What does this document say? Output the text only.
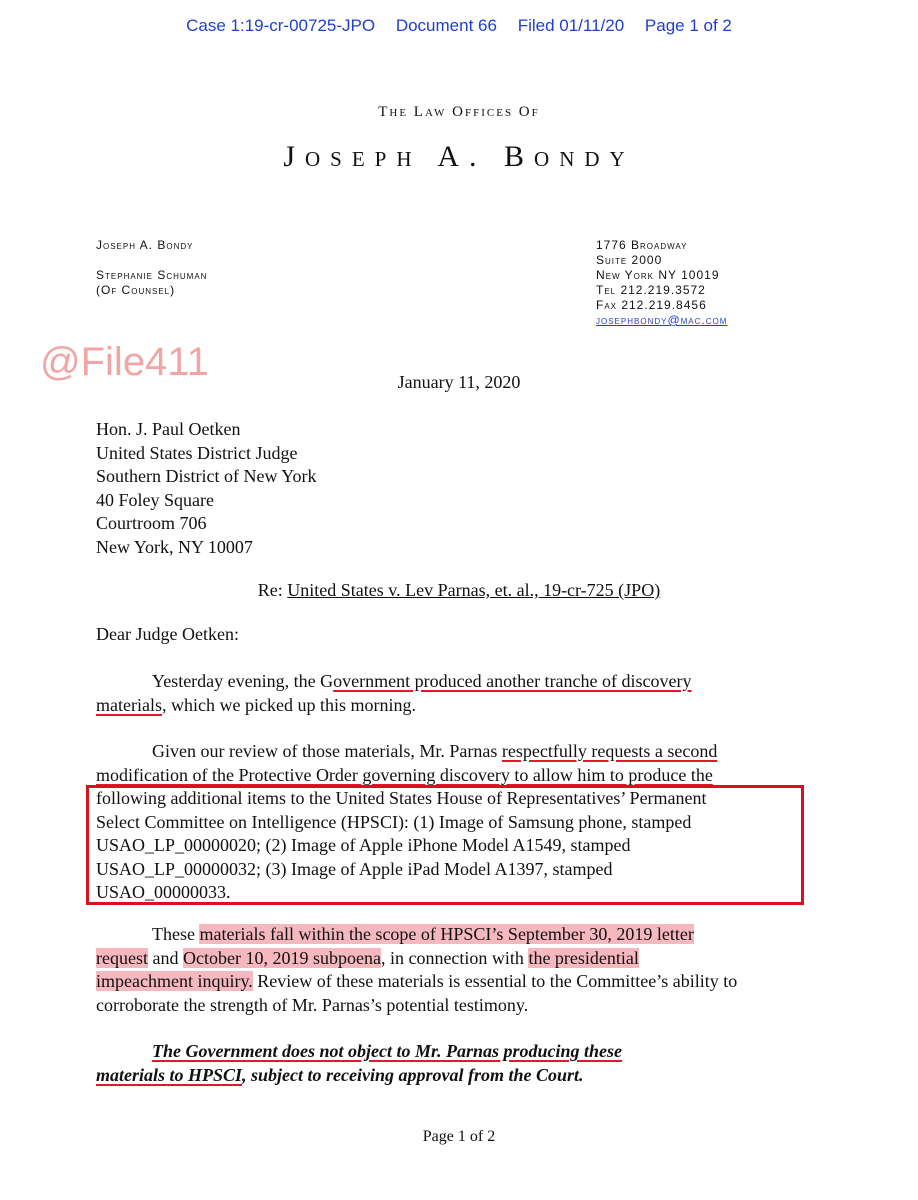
Case 1:19-cr-00725-JPO Document 66 Filed 01/11/20 Page 1 of 2
The Law Offices Of
Joseph A. Bondy
Joseph A. Bondy
Stephanie Schuman
(Of Counsel)
1776 Broadway
Suite 2000
New York NY 10019
Tel 212.219.3572
Fax 212.219.8456
josephbondy@mac.com
@File411	January 11, 2020
Hon. J. Paul Oetken
United States District Judge
Southern District of New York
40 Foley Square
Courtroom 706
New York, NY 10007
Re: United States v. Lev Parnas, et. al., 19-cr-725 (JPO)
Dear Judge Oetken:
Yesterday evening, the Government produced another tranche of discovery
materials, which we picked up this morning.
Given our review of those materials, Mr. Parnas respectfully requests a second
modification of the Protective Order governing discovery to allow him to produce the
following additional items to the United States House of Representatives’ Permanent
Select Committee on Intelligence (HPSCI): (1) Image of Samsung phone, stamped
USAO_LP_00000020; (2) Image of Apple iPhone Model A1549, stamped
USAO_LP_00000032; (3) Image of Apple iPad Model A1397, stamped
USAO_00000033.
These materials fall within the scope of HPSCI’s September 30, 2019 letter
request and October 10, 2019 subpoena, in connection with the presidential
impeachment inquiry. Review of these materials is essential to the Committee’s ability to
corroborate the strength of Mr. Parnas’s potential testimony.
The Government does not object to Mr. Parnas producing these
materials to HPSCI, subject to receiving approval from the Court.
Page 1 of 2
